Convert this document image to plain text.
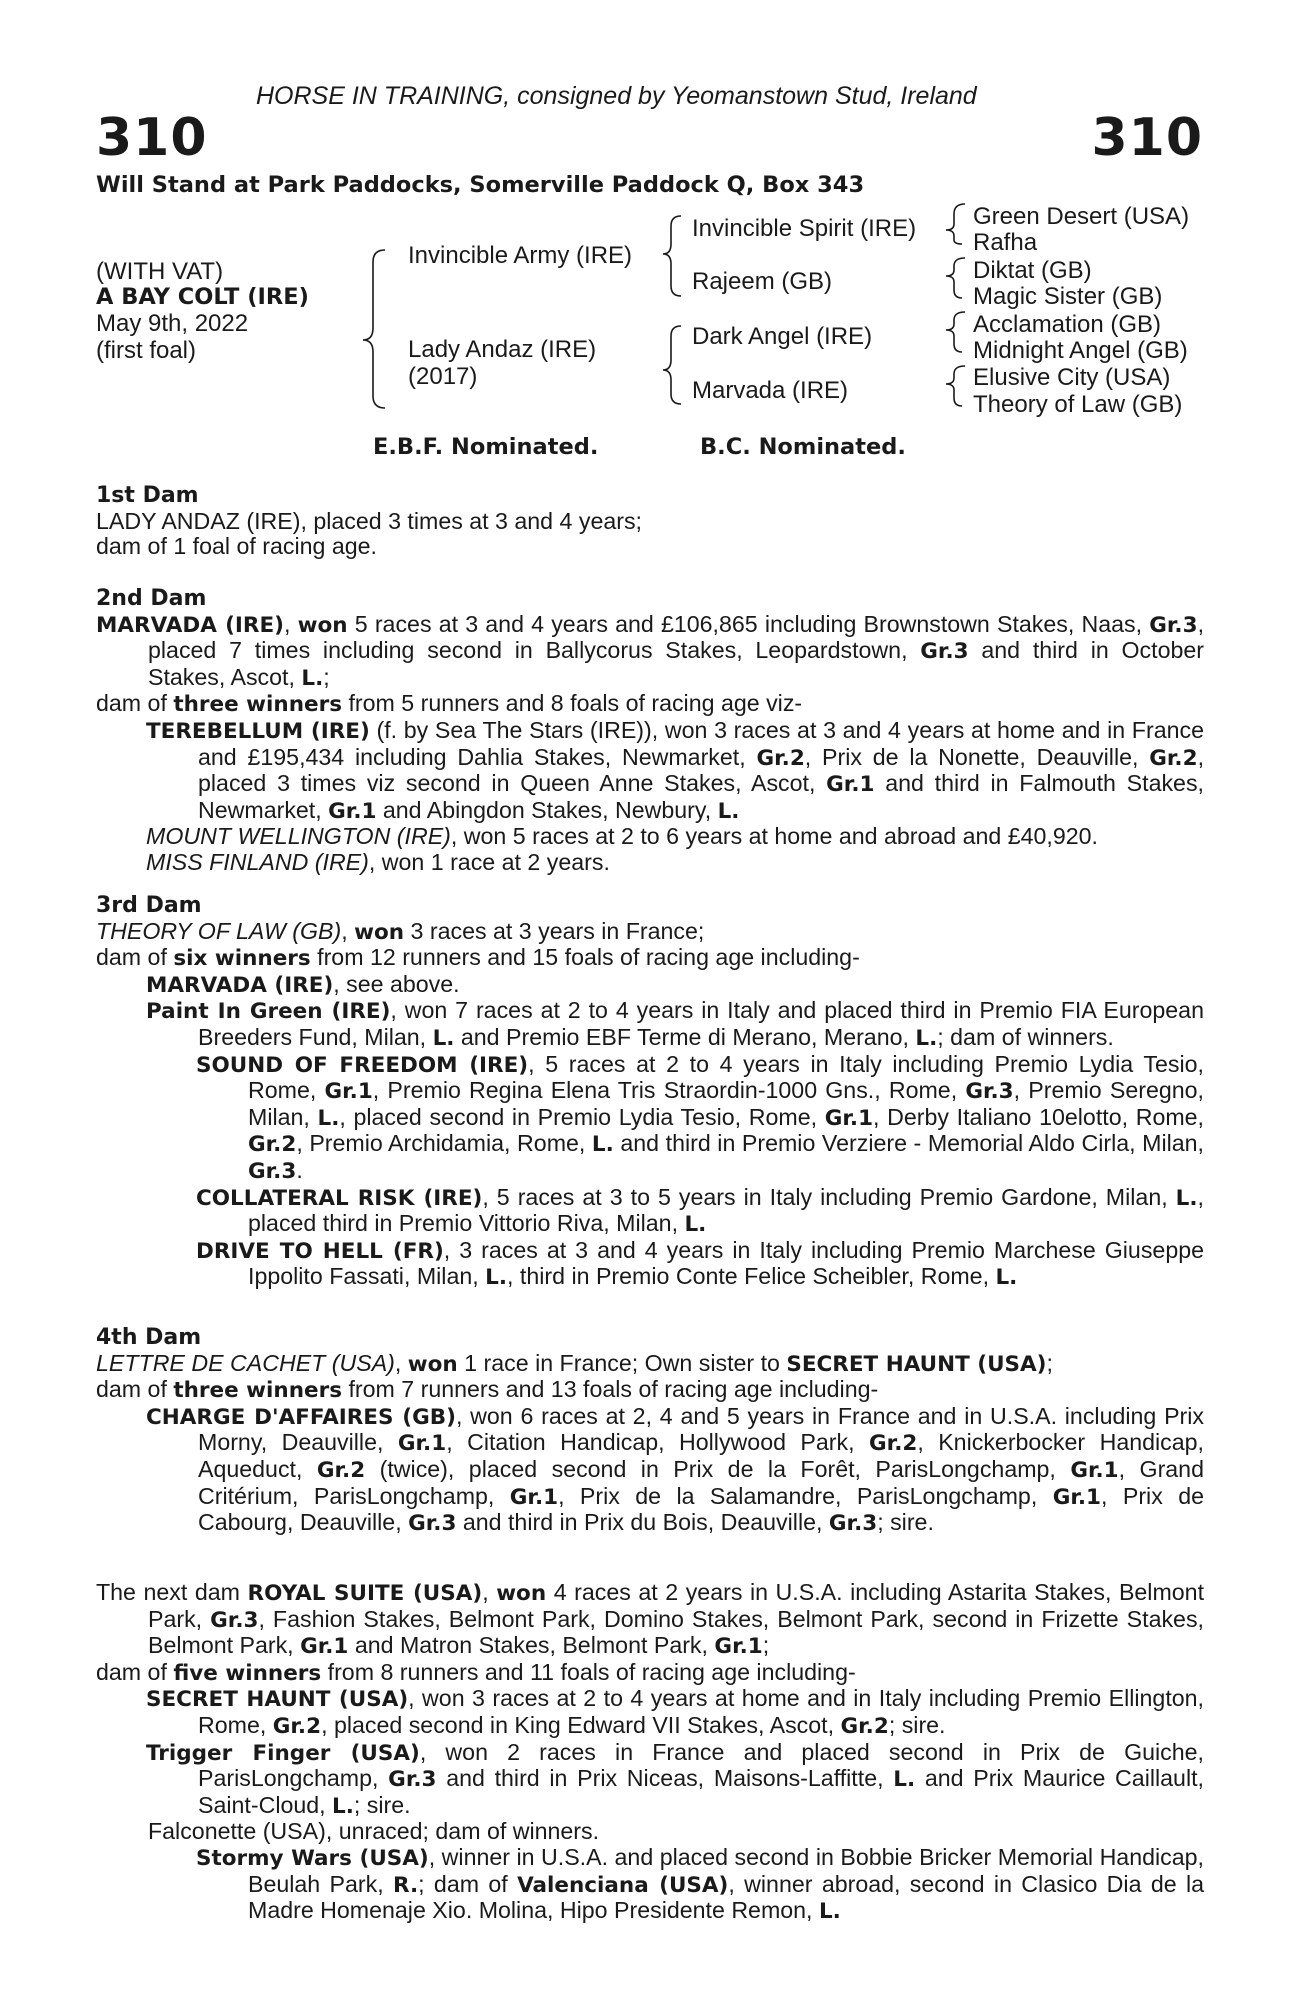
310	310
HORSE IN TRAINING, consigned by Yeomanstown Stud, Ireland
Will Stand at Park Paddocks, Somerville Paddock Q, Box 343
(WITH VAT)
A BAY COLT (IRE)
May 9th, 2022
(first foal)
Invincible Army (IRE)
Lady Andaz (IRE)
(2017)
Invincible Spirit (IRE)
Rajeem (GB)
Dark Angel (IRE)
Marvada (IRE)
Green Desert (USA)
Rafha
Diktat (GB)
Magic Sister (GB)
Acclamation (GB)
Midnight Angel (GB)
Elusive City (USA)
Theory of Law (GB)
E.B.F. Nominated.	B.C. Nominated.
1st Dam
LADY ANDAZ (IRE), placed 3 times at 3 and 4 years;
dam of 1 foal of racing age.
2nd Dam
MARVADA (IRE), won 5 races at 3 and 4 years and £106,865 including Brownstown Stakes, Naas, Gr.3, placed 7 times including second in Ballycorus Stakes, Leopardstown, Gr.3 and third in October Stakes, Ascot, L.;
dam of three winners from 5 runners and 8 foals of racing age viz-
TEREBELLUM (IRE) (f. by Sea The Stars (IRE)), won 3 races at 3 and 4 years at home and in France and £195,434 including Dahlia Stakes, Newmarket, Gr.2, Prix de la Nonette, Deauville, Gr.2, placed 3 times viz second in Queen Anne Stakes, Ascot, Gr.1 and third in Falmouth Stakes, Newmarket, Gr.1 and Abingdon Stakes, Newbury, L.
MOUNT WELLINGTON (IRE), won 5 races at 2 to 6 years at home and abroad and £40,920.
MISS FINLAND (IRE), won 1 race at 2 years.
3rd Dam
THEORY OF LAW (GB), won 3 races at 3 years in France;
dam of six winners from 12 runners and 15 foals of racing age including-
MARVADA (IRE), see above.
Paint In Green (IRE), won 7 races at 2 to 4 years in Italy and placed third in Premio FIA European Breeders Fund, Milan, L. and Premio EBF Terme di Merano, Merano, L.; dam of winners.
SOUND OF FREEDOM (IRE), 5 races at 2 to 4 years in Italy including Premio Lydia Tesio, Rome, Gr.1, Premio Regina Elena Tris Straordin-1000 Gns., Rome, Gr.3, Premio Seregno, Milan, L., placed second in Premio Lydia Tesio, Rome, Gr.1, Derby Italiano 10elotto, Rome, Gr.2, Premio Archidamia, Rome, L. and third in Premio Verziere - Memorial Aldo Cirla, Milan, Gr.3.
COLLATERAL RISK (IRE), 5 races at 3 to 5 years in Italy including Premio Gardone, Milan, L., placed third in Premio Vittorio Riva, Milan, L.
DRIVE TO HELL (FR), 3 races at 3 and 4 years in Italy including Premio Marchese Giuseppe Ippolito Fassati, Milan, L., third in Premio Conte Felice Scheibler, Rome, L.
4th Dam
LETTRE DE CACHET (USA), won 1 race in France; Own sister to SECRET HAUNT (USA);
dam of three winners from 7 runners and 13 foals of racing age including-
CHARGE D'AFFAIRES (GB), won 6 races at 2, 4 and 5 years in France and in U.S.A. including Prix Morny, Deauville, Gr.1, Citation Handicap, Hollywood Park, Gr.2, Knickerbocker Handicap, Aqueduct, Gr.2 (twice), placed second in Prix de la Forêt, ParisLongchamp, Gr.1, Grand Critérium, ParisLongchamp, Gr.1, Prix de la Salamandre, ParisLongchamp, Gr.1, Prix de Cabourg, Deauville, Gr.3 and third in Prix du Bois, Deauville, Gr.3; sire.
The next dam ROYAL SUITE (USA), won 4 races at 2 years in U.S.A. including Astarita Stakes, Belmont Park, Gr.3, Fashion Stakes, Belmont Park, Domino Stakes, Belmont Park, second in Frizette Stakes, Belmont Park, Gr.1 and Matron Stakes, Belmont Park, Gr.1;
dam of five winners from 8 runners and 11 foals of racing age including-
SECRET HAUNT (USA), won 3 races at 2 to 4 years at home and in Italy including Premio Ellington, Rome, Gr.2, placed second in King Edward VII Stakes, Ascot, Gr.2; sire.
Trigger Finger (USA), won 2 races in France and placed second in Prix de Guiche, ParisLongchamp, Gr.3 and third in Prix Niceas, Maisons-Laffitte, L. and Prix Maurice Caillault, Saint-Cloud, L.; sire.
Falconette (USA), unraced; dam of winners.
Stormy Wars (USA), winner in U.S.A. and placed second in Bobbie Bricker Memorial Handicap, Beulah Park, R.; dam of Valenciana (USA), winner abroad, second in Clasico Dia de la Madre Homenaje Xio. Molina, Hipo Presidente Remon, L.
